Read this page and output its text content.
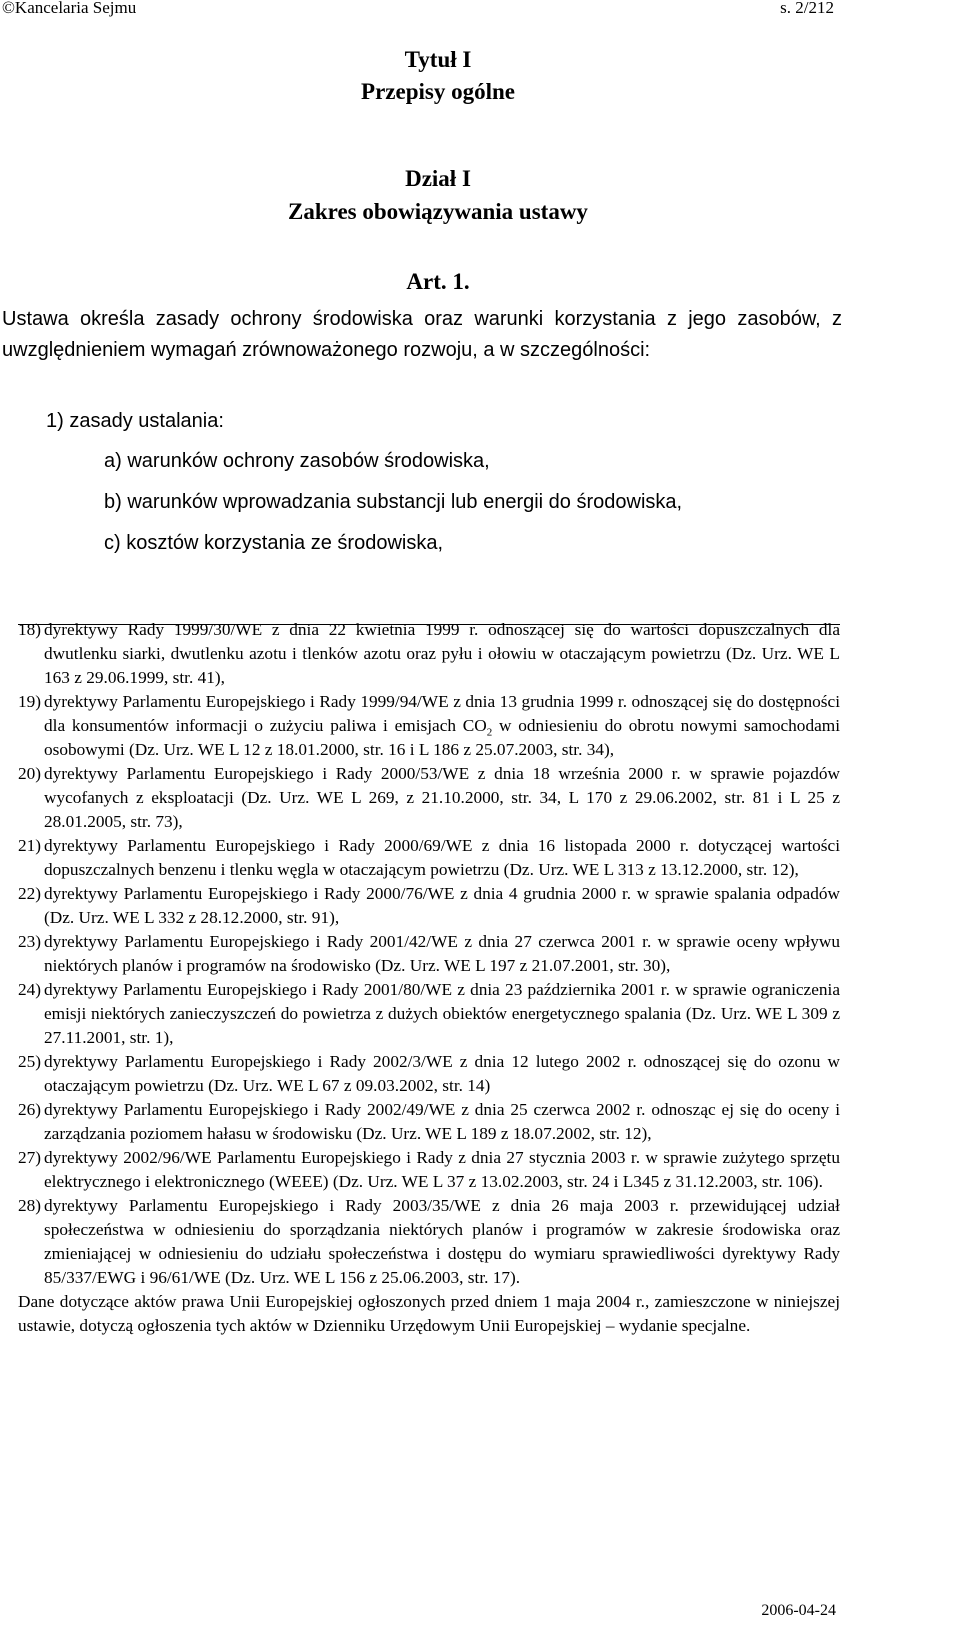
©Kancelaria Sejmu	s. 2/212
Tytuł I
Przepisy ogólne
Dział I
Zakres obowiązywania ustawy
Art. 1.
Ustawa określa zasady ochrony środowiska oraz warunki korzystania z jego zasobów, z uwzględnieniem wymagań zrównoważonego rozwoju, a w szczególności:
1) zasady ustalania:
a) warunków ochrony zasobów środowiska,
b) warunków wprowadzania substancji lub energii do środowiska,
c) kosztów korzystania ze środowiska,
18) dyrektywy Rady 1999/30/WE z dnia 22 kwietnia 1999 r. odnoszącej się do wartości dopuszczalnych dla dwutlenku siarki, dwutlenku azotu i tlenków azotu oraz pyłu i ołowiu w otaczającym powietrzu (Dz. Urz. WE L 163 z 29.06.1999, str. 41),
19) dyrektywy Parlamentu Europejskiego i Rady 1999/94/WE z dnia 13 grudnia 1999 r. odnoszącej się do dostępności dla konsumentów informacji o zużyciu paliwa i emisjach $CO_2$ w odniesieniu do obrotu nowymi samochodami osobowymi (Dz. Urz. WE L 12 z 18.01.2000, str. 16 i L 186 z 25.07.2003, str. 34),
20) dyrektywy Parlamentu Europejskiego i Rady 2000/53/WE z dnia 18 września 2000 r. w sprawie pojazdów wycofanych z eksploatacji (Dz. Urz. WE L 269, z 21.10.2000, str. 34, L 170 z 29.06.2002, str. 81 i L 25 z 28.01.2005, str. 73),
21) dyrektywy Parlamentu Europejskiego i Rady 2000/69/WE z dnia 16 listopada 2000 r. dotyczącej wartości dopuszczalnych benzenu i tlenku węgla w otaczającym powietrzu (Dz. Urz. WE L 313 z 13.12.2000, str. 12),
22) dyrektywy Parlamentu Europejskiego i Rady 2000/76/WE z dnia 4 grudnia 2000 r. w sprawie spalania odpadów (Dz. Urz. WE L 332 z 28.12.2000, str. 91),
23) dyrektywy Parlamentu Europejskiego i Rady 2001/42/WE z dnia 27 czerwca 2001 r. w sprawie oceny wpływu niektórych planów i programów na środowisko (Dz. Urz. WE L 197 z 21.07.2001, str. 30),
24) dyrektywy Parlamentu Europejskiego i Rady 2001/80/WE z dnia 23 października 2001 r. w sprawie ograniczenia emisji niektórych zanieczyszczeń do powietrza z dużych obiektów energetycznego spalania (Dz. Urz. WE L 309 z 27.11.2001, str. 1),
25) dyrektywy Parlamentu Europejskiego i Rady 2002/3/WE z dnia 12 lutego 2002 r. odnoszącej się do ozonu w otaczającym powietrzu (Dz. Urz. WE L 67 z 09.03.2002, str. 14)
26) dyrektywy Parlamentu Europejskiego i Rady 2002/49/WE z dnia 25 czerwca 2002 r. odnosząc ej się do oceny i zarządzania poziomem hałasu w środowisku (Dz. Urz. WE L 189 z 18.07.2002, str. 12),
27) dyrektywy 2002/96/WE Parlamentu Europejskiego i Rady z dnia 27 stycznia 2003 r. w sprawie zużytego sprzętu elektrycznego i elektronicznego (WEEE) (Dz. Urz. WE L 37 z 13.02.2003, str. 24 i L345 z 31.12.2003, str. 106).
28) dyrektywy Parlamentu Europejskiego i Rady 2003/35/WE z dnia 26 maja 2003 r. przewidującej udział społeczeństwa w odniesieniu do sporządzania niektórych planów i programów w zakresie środowiska oraz zmieniającej w odniesieniu do udziału społeczeństwa i dostępu do wymiaru sprawiedliwości dyrektywy Rady 85/337/EWG i 96/61/WE (Dz. Urz. WE L 156 z 25.06.2003, str. 17).
Dane dotyczące aktów prawa Unii Europejskiej ogłoszonych przed dniem 1 maja 2004 r., zamieszczone w niniejszej ustawie, dotyczą ogłoszenia tych aktów w Dzienniku Urzędowym Unii Europejskiej – wydanie specjalne.
2006-04-24
